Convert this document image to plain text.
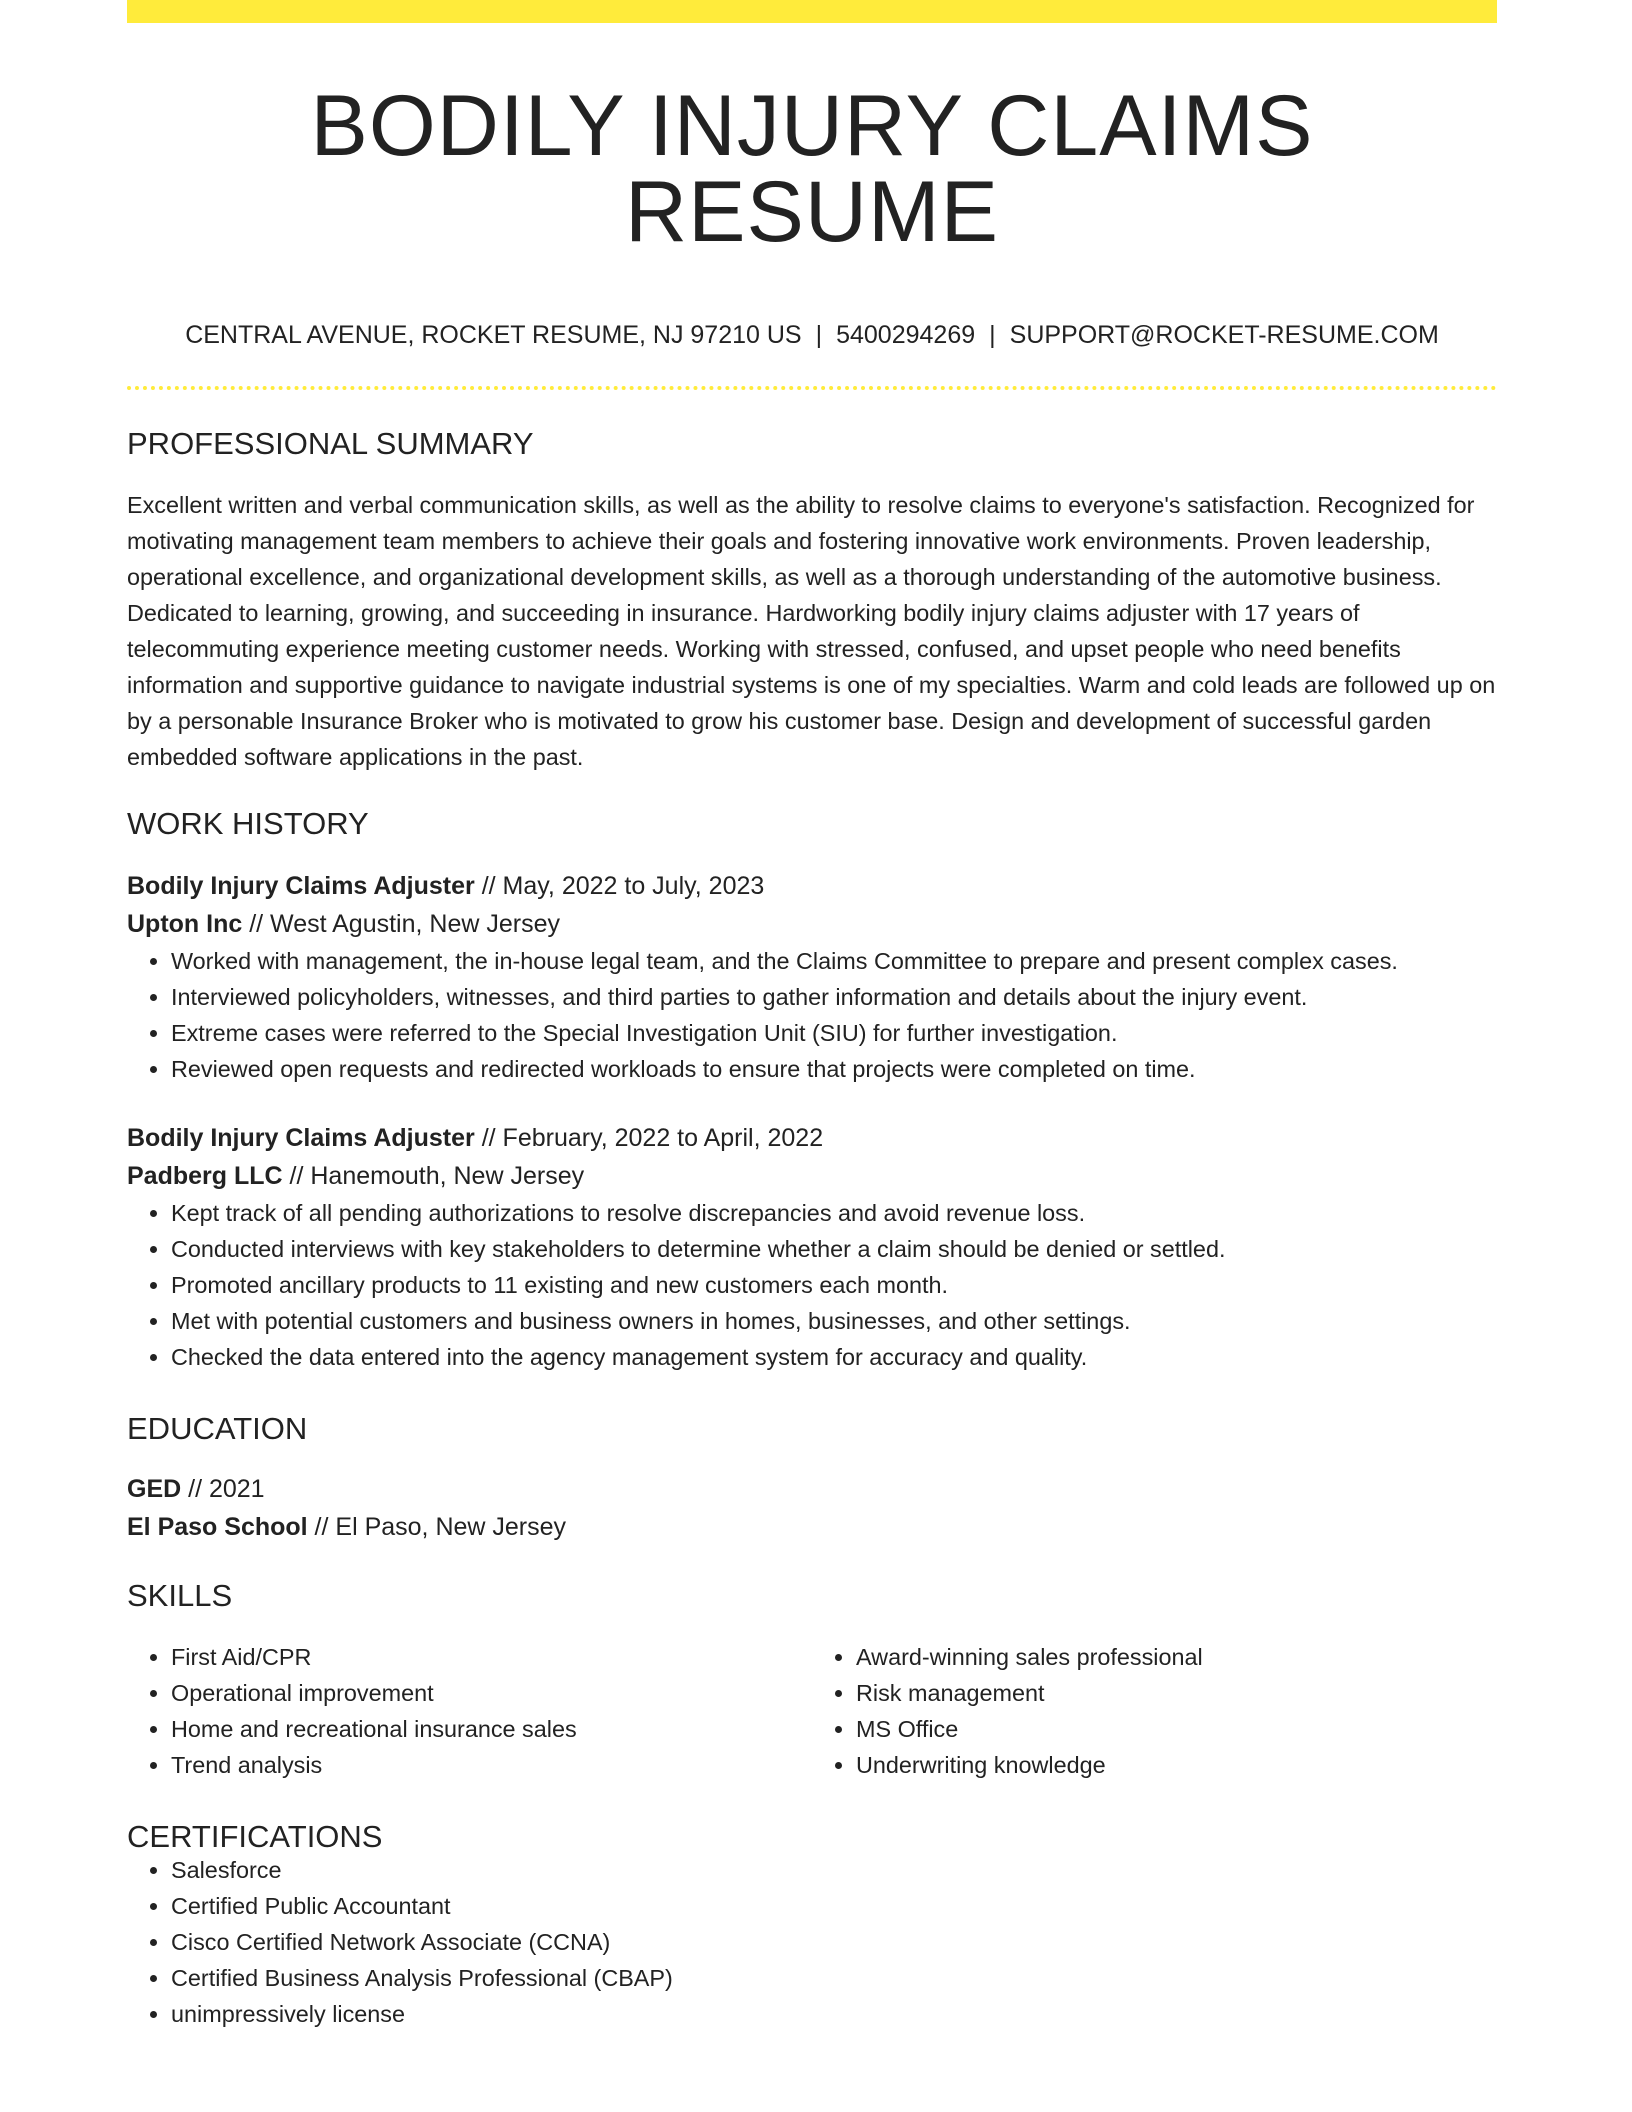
BODILY INJURY CLAIMS RESUME
CENTRAL AVENUE, ROCKET RESUME, NJ 97210 US | 5400294269 | SUPPORT@ROCKET-RESUME.COM
PROFESSIONAL SUMMARY

Excellent written and verbal communication skills, as well as the ability to resolve claims to everyone's satisfaction. Recognized for motivating management team members to achieve their goals and fostering innovative work environments. Proven leadership, operational excellence, and organizational development skills, as well as a thorough understanding of the automotive business. Dedicated to learning, growing, and succeeding in insurance. Hardworking bodily injury claims adjuster with 17 years of telecommuting experience meeting customer needs. Working with stressed, confused, and upset people who need benefits information and supportive guidance to navigate industrial systems is one of my specialties. Warm and cold leads are followed up on by a personable Insurance Broker who is motivated to grow his customer base. Design and development of successful garden embedded software applications in the past.

WORK HISTORY
Bodily Injury Claims Adjuster // May, 2022 to July, 2023
Upton Inc // West Agustin, New Jersey
• Worked with management, the in-house legal team, and the Claims Committee to prepare and present complex cases.
• Interviewed policyholders, witnesses, and third parties to gather information and details about the injury event.
• Extreme cases were referred to the Special Investigation Unit (SIU) for further investigation.
• Reviewed open requests and redirected workloads to ensure that projects were completed on time.
Bodily Injury Claims Adjuster // February, 2022 to April, 2022
Padberg LLC // Hanemouth, New Jersey
• Kept track of all pending authorizations to resolve discrepancies and avoid revenue loss.
• Conducted interviews with key stakeholders to determine whether a claim should be denied or settled.
• Promoted ancillary products to 11 existing and new customers each month.
• Met with potential customers and business owners in homes, businesses, and other settings.
• Checked the data entered into the agency management system for accuracy and quality.
EDUCATION
GED // 2021
El Paso School // El Paso, New Jersey
SKILLS
• First Aid/CPR
• Operational improvement
• Home and recreational insurance sales
• Trend analysis
• Award-winning sales professional
• Risk management
• MS Office
• Underwriting knowledge
CERTIFICATIONS
• Salesforce
• Certified Public Accountant
• Cisco Certified Network Associate (CCNA)
• Certified Business Analysis Professional (CBAP)
• unimpressively license
